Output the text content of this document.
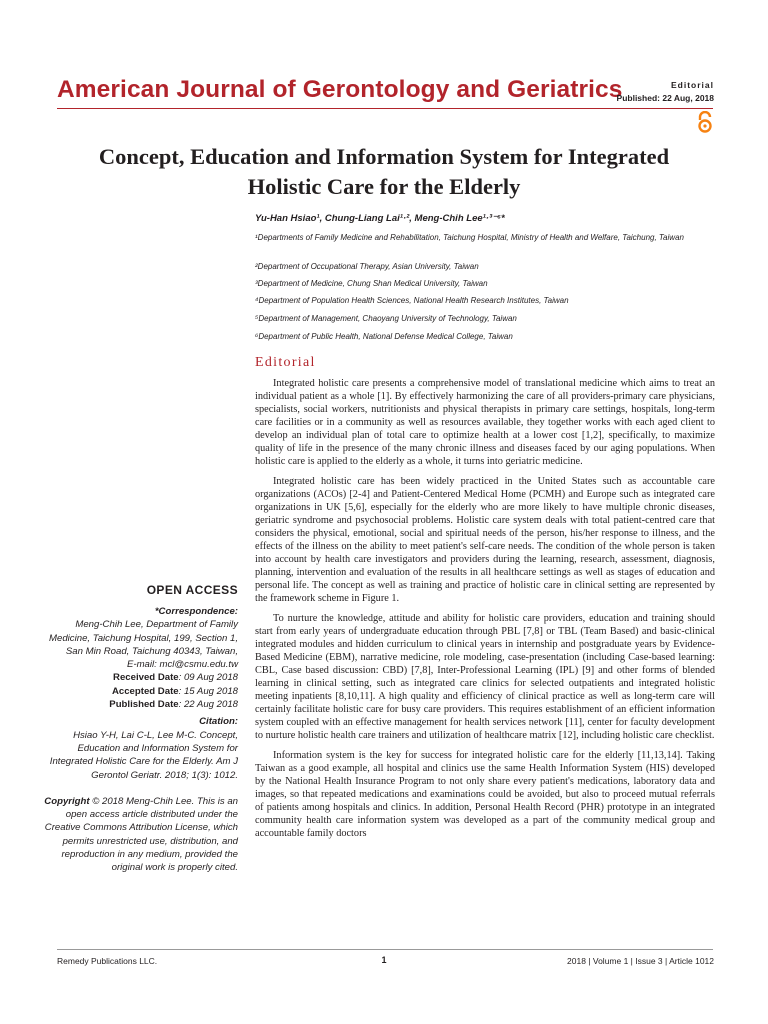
American Journal of Gerontology and Geriatrics	Editorial
Published: 22 Aug, 2018
Concept, Education and Information System for Integrated
Holistic Care for the Elderly
Yu-Han Hsiao¹, Chung-Liang Lai¹·², Meng-Chih Lee¹·³⁻⁶*
¹Departments of Family Medicine and Rehabilitation, Taichung Hospital, Ministry of Health and Welfare, Taichung, Taiwan
²Department of Occupational Therapy, Asian University, Taiwan
³Department of Medicine, Chung Shan Medical University, Taiwan
⁴Department of Population Health Sciences, National Health Research Institutes, Taiwan
⁵Department of Management, Chaoyang University of Technology, Taiwan
⁶Department of Public Health, National Defense Medical College, Taiwan
Editorial

Integrated holistic care presents a comprehensive model of translational medicine which aims to treat an individual patient as a whole [1]. By effectively harmonizing the care of all providers-primary care physicians, specialists, social workers, nutritionists and physical therapists in primary care settings, hospitals, long-term care facilities or in a community as well as resources available, they together works with each aged client to develop an individual plan of total care to optimize health at a lower cost [1,2], specifically, to maximize quality of life in the presence of the many chronic illness and diseases faced by our aging populations. When holistic care is applied to the elderly as a whole, it turns into geriatric medicine.

Integrated holistic care has been widely practiced in the United States such as accountable care organizations (ACOs) [2-4] and Patient-Centered Medical Home (PCMH) and Europe such as integrated care organizations in UK [5,6], especially for the elderly who are more likely to have multiple chronic diseases, geriatric syndrome and psychosocial problems. Holistic care system deals with total patient-centred care that considers the physical, emotional, social and spiritual needs of the person, his/her response to illness, and the effects of the illness on the ability to meet patient's self-care needs. The condition of the whole person is taken into account by health care investigators and providers during the learning, research, assessment, diagnosis, planning, intervention and evaluation of the results in all healthcare settings as well as stages of education and personal life. The concept as well as training and practice of holistic care in clinical setting are represented by the framework scheme in Figure 1.

To nurture the knowledge, attitude and ability for holistic care providers, education and training should start from early years of undergraduate education through PBL [7,8] or TBL (Team Based) and basic-clinical integrated modules and hidden curriculum to clinical years in internship and postgraduate years by Evidence-Based Medicine (EBM), narrative medicine, role modeling, case-presentation (including Case-based learning: CBL, Case based discussion: CBD) [7,8], Inter-Professional Learning (IPL) [9] and other forms of blended learning in clinical setting, such as integrated care clinics for selected outpatients and integrated holistic meeting inpatients [8,10,11]. A high quality and efficiency of clinical practice as well as long-term care will certainly facilitate holistic care for busy care providers. This requires establishment of an efficient information system coupled with an effective management for health services network [11], center for faculty development to nurture holistic health care trainers and utilization of healthcare matrix [12], including holistic care checklist.

Information system is the key for success for integrated holistic care for the elderly [11,13,14]. Taking Taiwan as a good example, all hospital and clinics use the same Health Information System (HIS) developed by the National Health Insurance Program to not only share every patient's medications, laboratory data and images, so that repeated medications and examinations could be avoided, but also to proceed mutual referrals of patients among hospitals and clinics. In addition, Personal Health Record (PHR) prototype in an integrated community health care information system was developed as a part of the community medical group and accountable family doctors

OPEN ACCESS

*Correspondence:

Meng-Chih Lee, Department of Family Medicine, Taichung Hospital, 199, Section 1, San Min Road, Taichung 40343, Taiwan,

E-mail: mcl@csmu.edu.tw

Received Date: 09 Aug 2018

Accepted Date: 15 Aug 2018

Published Date: 22 Aug 2018

Citation:

Hsiao Y-H, Lai C-L, Lee M-C. Concept, Education and Information System for Integrated Holistic Care for the Elderly. Am J Gerontol Geriatr. 2018; 1(3): 1012.

Copyright © 2018 Meng-Chih Lee. This is an open access article distributed under the Creative Commons Attribution License, which permits unrestricted use, distribution, and reproduction in any medium, provided the original work is properly cited.

Remedy Publications LLC.	1	2018 | Volume 1 | Issue 3 | Article 1012
